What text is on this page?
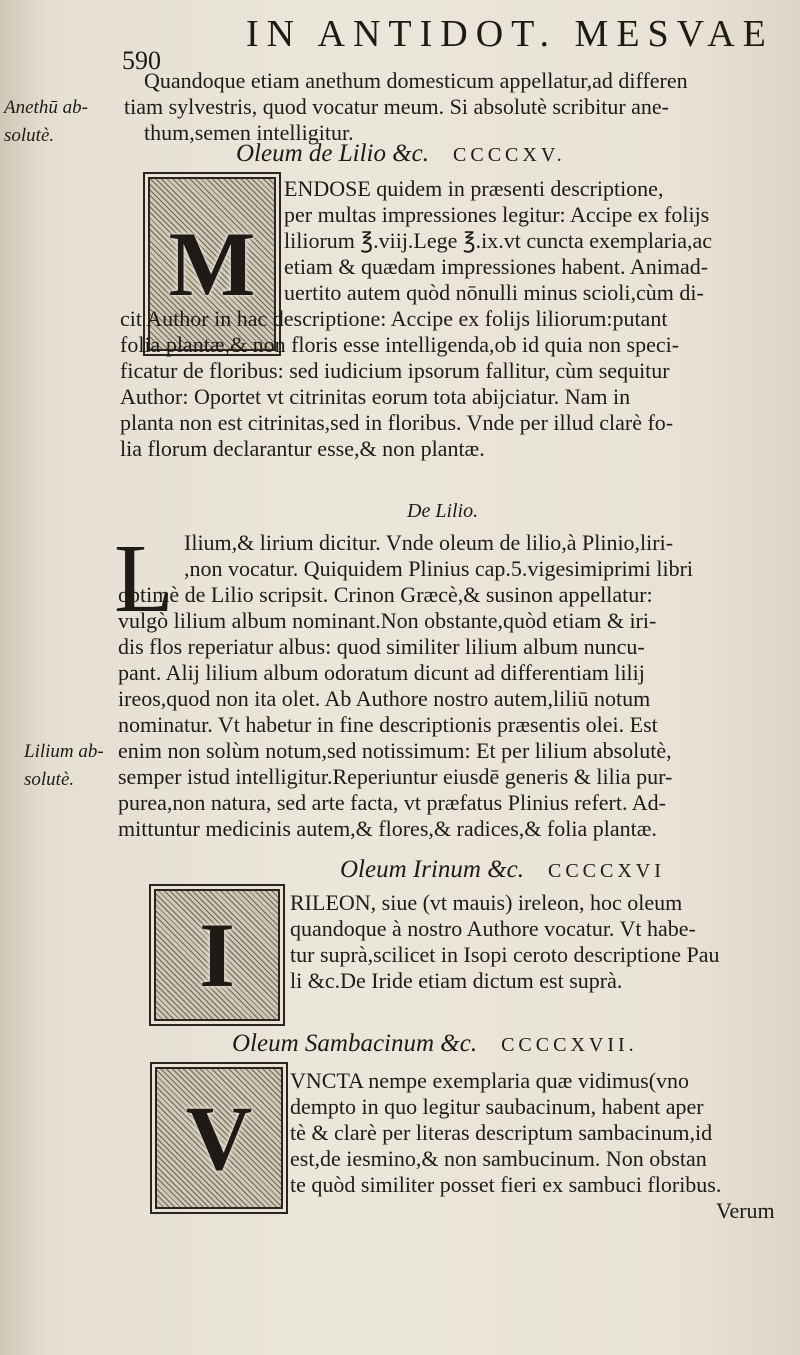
590
IN ANTIDOT. MESVAE
Quandoque etiam anethum domesticum appellatur,ad differen
tiam sylvestris, quod vocatur meum. Si absolutè scribitur ane-
thum,semen intelligitur.
Anethū ab-
solutè.
Oleum de Lilio &c. CCCCXV.
M
ENDOSE quidem in præsenti descriptione,
per multas impressiones legitur: Accipe ex folijs
liliorum ℥.viij.Lege ℥.ix.vt cuncta exemplaria,ac
etiam & quædam impressiones habent. Animad-
uertito autem quòd nōnulli minus scioli,cùm di-
cit Author in hac descriptione: Accipe ex folijs liliorum:putant
folia plantæ,& non floris esse intelligenda,ob id quia non speci-
ficatur de floribus: sed iudicium ipsorum fallitur, cùm sequitur
Author: Oportet vt citrinitas eorum tota abijciatur. Nam in
planta non est citrinitas,sed in floribus. Vnde per illud clarè fo-
lia florum declarantur esse,& non plantæ.
De Lilio.
L Ilium,& lirium dicitur. Vnde oleum de lilio,à Plinio,liri-
,non vocatur. Quiquidem Plinius cap.5.vigesimiprimi libri
optimè de Lilio scripsit. Crinon Græcè,& susinon appellatur:
vulgò lilium album nominant.Non obstante,quòd etiam & iri-
dis flos reperiatur albus: quod similiter lilium album nuncu-
pant. Alij lilium album odoratum dicunt ad differentiam lilij
ireos,quod non ita olet. Ab Authore nostro autem,liliū notum
nominatur. Vt habetur in fine descriptionis præsentis olei. Est
enim non solùm notum,sed notissimum: Et per lilium absolutè,
semper istud intelligitur.Reperiuntur eiusdē generis & lilia pur-
purea,non natura, sed arte facta, vt præfatus Plinius refert. Ad-
mittuntur medicinis autem,& flores,& radices,& folia plantæ.
Lilium ab-
solutè.
Oleum Irinum &c. CCCCXVI
I
RILEON, siue (vt mauis) ireleon, hoc oleum
quandoque à nostro Authore vocatur. Vt habe-
tur suprà,scilicet in Isopi ceroto descriptione Pau
li &c.De Iride etiam dictum est suprà.
Oleum Sambacinum &c. CCCCXVII.
V
VNCTA nempe exemplaria quæ vidimus(vno
dempto in quo legitur saubacinum, habent aper
tè & clarè per literas descriptum sambacinum,id
est,de iesmino,& non sambucinum. Non obstan
te quòd similiter posset fieri ex sambuci floribus.
Verum
